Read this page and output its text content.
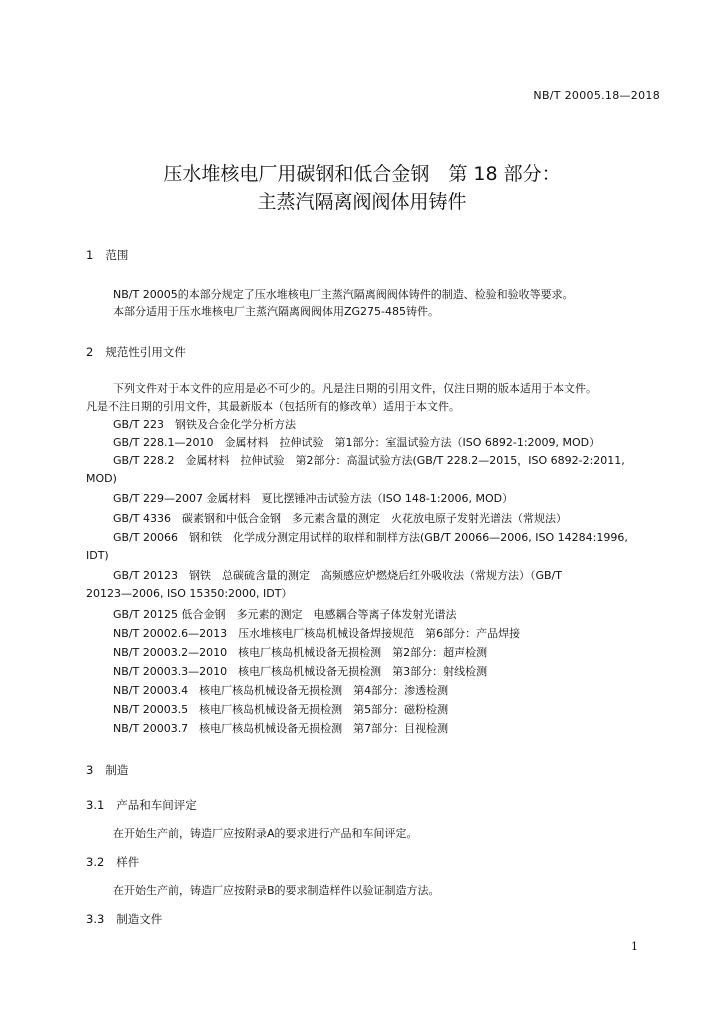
NB/T 20005.18—2018
压水堆核电厂用碳钢和低合金钢　第 18 部分：
主蒸汽隔离阀阀体用铸件
1 范围
NB/T 20005的本部分规定了压水堆核电厂主蒸汽隔离阀阀体铸件的制造、检验和验收等要求。
本部分适用于压水堆核电厂主蒸汽隔离阀阀体用ZG275-485铸件。
2 规范性引用文件
下列文件对于本文件的应用是必不可少的。凡是注日期的引用文件，仅注日期的版本适用于本文件。
凡是不注日期的引用文件，其最新版本（包括所有的修改单）适用于本文件。
GB/T 223　钢铁及合金化学分析方法
GB/T 228.1—2010　金属材料　拉伸试验　第1部分：室温试验方法（ISO 6892-1:2009, MOD）
GB/T 228.2　金属材料　拉伸试验　第2部分：高温试验方法(GB/T 228.2—2015，ISO 6892-2:2011,
MOD)
GB/T 229—2007 金属材料　夏比摆锤冲击试验方法（ISO 148-1:2006, MOD）
GB/T 4336　碳素钢和中低合金钢　多元素含量的测定　火花放电原子发射光谱法（常规法）
GB/T 20066　钢和铁　化学成分测定用试样的取样和制样方法(GB/T 20066—2006, ISO 14284:1996,
IDT)
GB/T 20123　钢铁　总碳硫含量的测定　高频感应炉燃烧后红外吸收法（常规方法）（GB/T
20123—2006, ISO 15350:2000, IDT）
GB/T 20125 低合金钢　多元素的测定　电感耦合等离子体发射光谱法
NB/T 20002.6—2013　压水堆核电厂核岛机械设备焊接规范　第6部分：产品焊接
NB/T 20003.2—2010　核电厂核岛机械设备无损检测　第2部分：超声检测
NB/T 20003.3—2010　核电厂核岛机械设备无损检测　第3部分：射线检测
NB/T 20003.4　核电厂核岛机械设备无损检测　第4部分：渗透检测
NB/T 20003.5　核电厂核岛机械设备无损检测　第5部分：磁粉检测
NB/T 20003.7　核电厂核岛机械设备无损检测　第7部分：目视检测
3 制造
3.1 产品和车间评定
在开始生产前，铸造厂应按附录A的要求进行产品和车间评定。
3.2 样件
在开始生产前，铸造厂应按附录B的要求制造样件以验证制造方法。
3.3 制造文件
1
